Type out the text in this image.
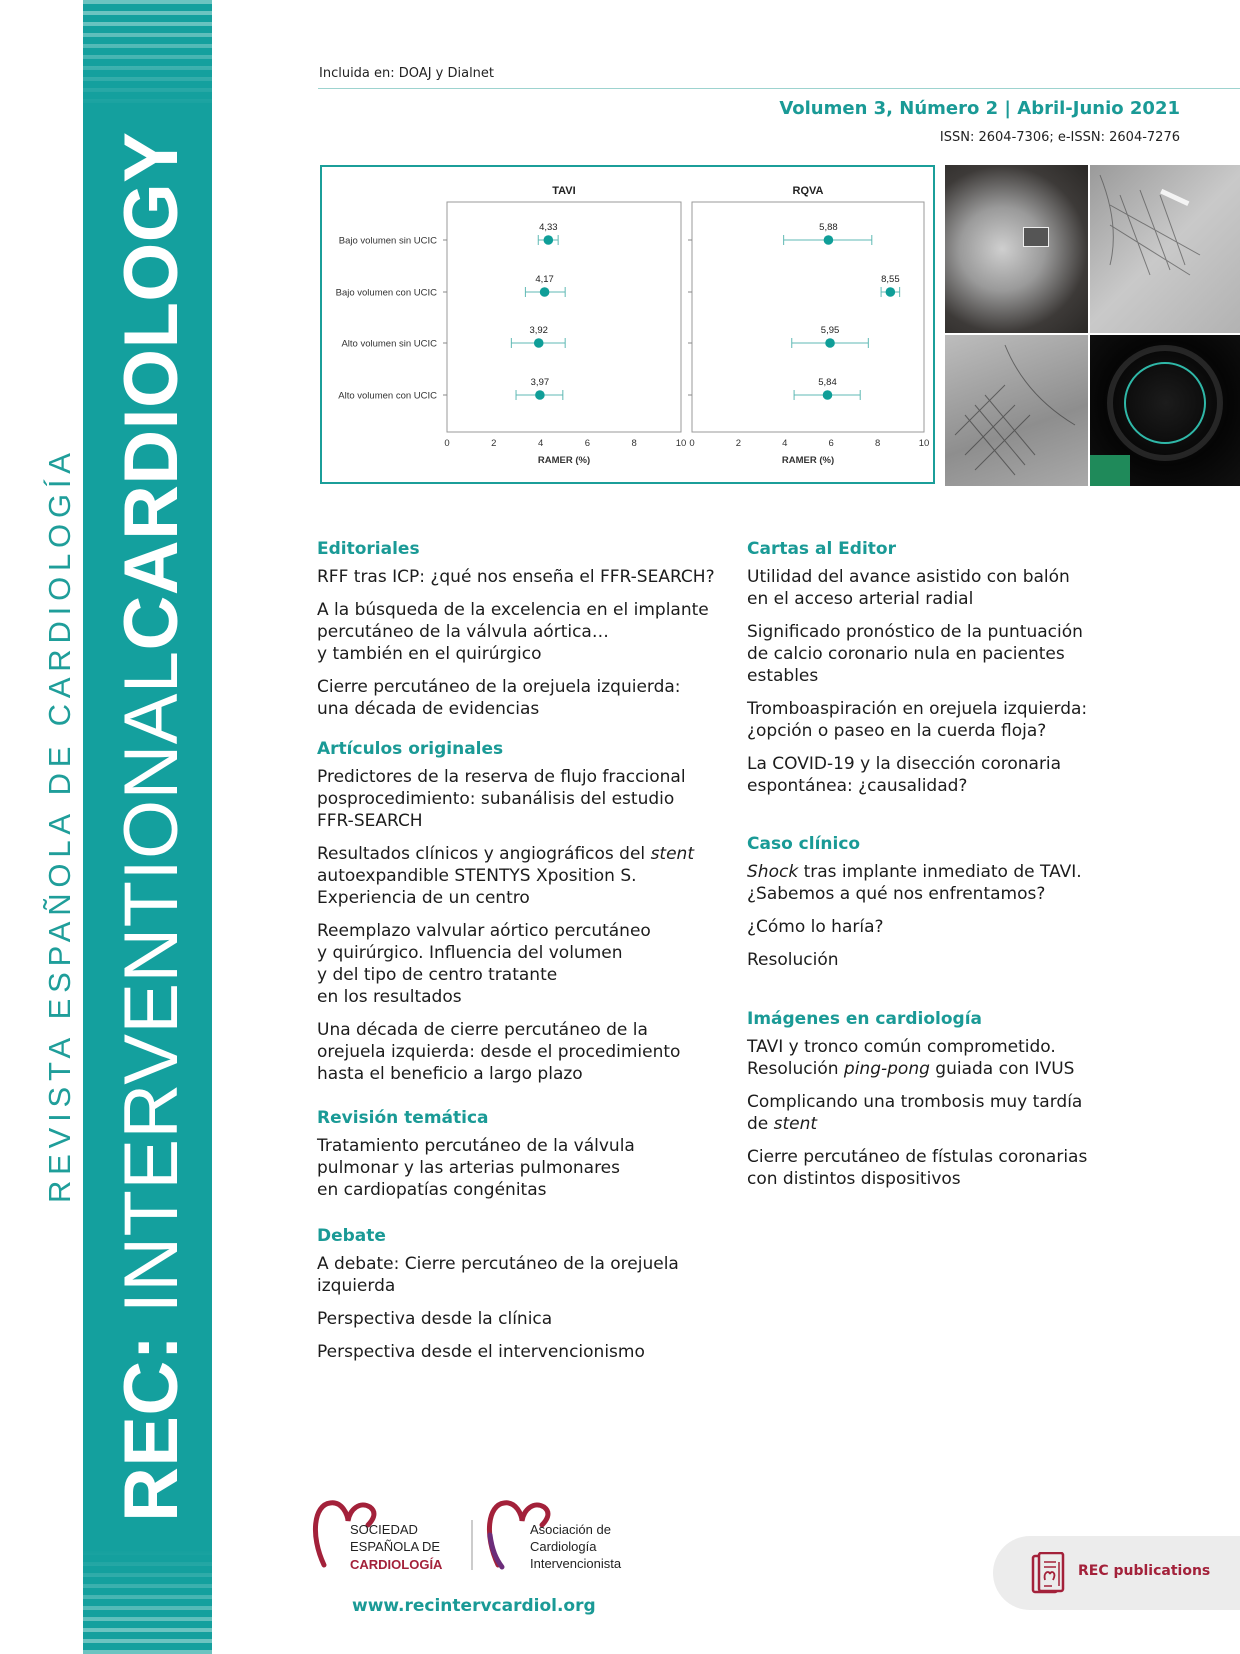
REC: INTERVENTIONALCARDIOLOGY
REVISTA ESPAÑOLA DE CARDIOLOGÍA
Incluida en: DOAJ y Dialnet
Volumen 3, Número 2 | Abril-Junio 2021
ISSN: 2604-7306; e-ISSN: 2604-7276
Bajo volumen sin UCIC
Bajo volumen con UCIC
Alto volumen sin UCIC
Alto volumen con UCIC
TAVI
0	2	4	6	8	10
RAMER (%)
4,33
4,17
3,92
3,97
RQVA
0	2	4	6	8	10
RAMER (%)
5,88
8,55
5,95
5,84
Editoriales
RFF tras ICP: ¿qué nos enseña el FFR-SEARCH?
A la búsqueda de la excelencia en el implante
percutáneo de la válvula aórtica…
y también en el quirúrgico
Cierre percutáneo de la orejuela izquierda:
una década de evidencias
Artículos originales
Predictores de la reserva de flujo fraccional
posprocedimiento: subanálisis del estudio
FFR-SEARCH
Resultados clínicos y angiográficos del stent
autoexpandible STENTYS Xposition S.
Experiencia de un centro
Reemplazo valvular aórtico percutáneo
y quirúrgico. Influencia del volumen
y del tipo de centro tratante
en los resultados
Una década de cierre percutáneo de la
orejuela izquierda: desde el procedimiento
hasta el beneficio a largo plazo
Revisión temática
Tratamiento percutáneo de la válvula
pulmonar y las arterias pulmonares
en cardiopatías congénitas
Debate
A debate: Cierre percutáneo de la orejuela
izquierda
Perspectiva desde la clínica
Perspectiva desde el intervencionismo
Cartas al Editor
Utilidad del avance asistido con balón
en el acceso arterial radial
Significado pronóstico de la puntuación
de calcio coronario nula en pacientes
estables
Tromboaspiración en orejuela izquierda:
¿opción o paseo en la cuerda floja?
La COVID-19 y la disección coronaria
espontánea: ¿causalidad?
Caso clínico
Shock tras implante inmediato de TAVI.
¿Sabemos a qué nos enfrentamos?
¿Cómo lo haría?
Resolución
Imágenes en cardiología
TAVI y tronco común comprometido.
Resolución ping-pong guiada con IVUS
Complicando una trombosis muy tardía
de stent
Cierre percutáneo de fístulas coronarias
con distintos dispositivos
SOCIEDAD
ESPAÑOLA DE
CARDIOLOGÍA
Asociación de
Cardiología
Intervencionista
www.recintervcardiol.org
REC publications
